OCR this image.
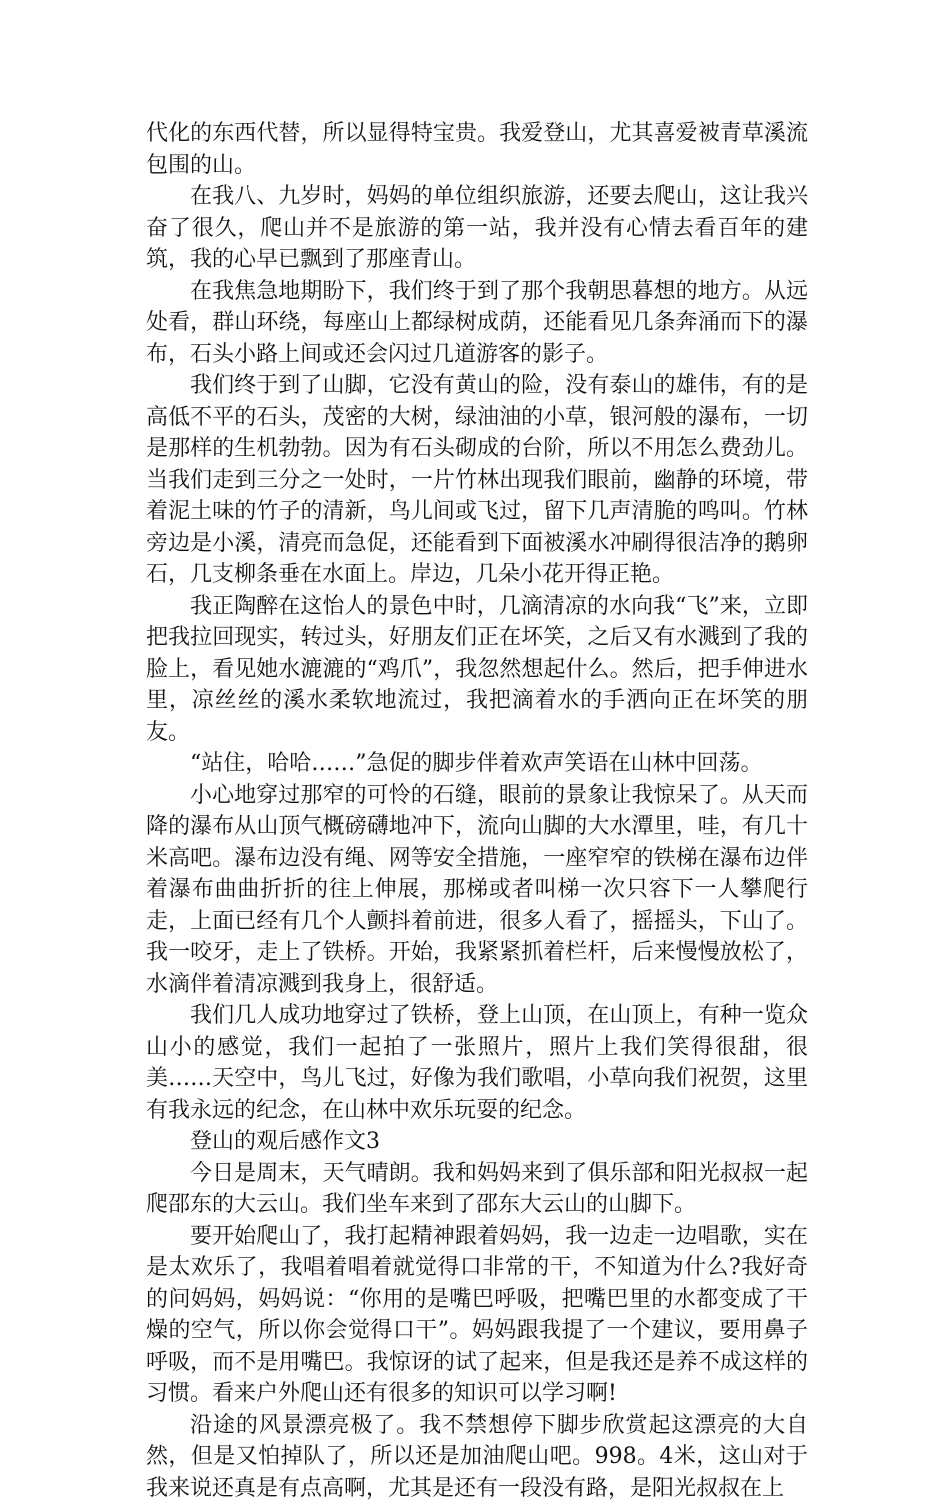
代化的东西代替，所以显得特宝贵。我爱登山，尤其喜爱被青草溪流包围的山。

在我八、九岁时，妈妈的单位组织旅游，还要去爬山，这让我兴奋了很久，爬山并不是旅游的第一站，我并没有心情去看百年的建筑，我的心早已飘到了那座青山。

在我焦急地期盼下，我们终于到了那个我朝思暮想的地方。从远处看，群山环绕，每座山上都绿树成荫，还能看见几条奔涌而下的瀑布，石头小路上间或还会闪过几道游客的影子。

我们终于到了山脚，它没有黄山的险，没有泰山的雄伟，有的是高低不平的石头，茂密的大树，绿油油的小草，银河般的瀑布，一切是那样的生机勃勃。因为有石头砌成的台阶，所以不用怎么费劲儿。当我们走到三分之一处时，一片竹林出现我们眼前，幽静的环境，带着泥土味的竹子的清新，鸟儿间或飞过，留下几声清脆的鸣叫。竹林旁边是小溪，清亮而急促，还能看到下面被溪水冲刷得很洁净的鹅卵石，几支柳条垂在水面上。岸边，几朵小花开得正艳。

我正陶醉在这怡人的景色中时，几滴清凉的水向我“飞”来，立即把我拉回现实，转过头，好朋友们正在坏笑，之后又有水溅到了我的脸上，看见她水漉漉的“鸡爪”，我忽然想起什么。然后，把手伸进水里，凉丝丝的溪水柔软地流过，我把滴着水的手洒向正在坏笑的朋友。

“站住，哈哈……”急促的脚步伴着欢声笑语在山林中回荡。

小心地穿过那窄的可怜的石缝，眼前的景象让我惊呆了。从天而降的瀑布从山顶气概磅礴地冲下，流向山脚的大水潭里，哇，有几十米高吧。瀑布边没有绳、网等安全措施，一座窄窄的铁梯在瀑布边伴着瀑布曲曲折折的往上伸展，那梯或者叫梯一次只容下一人攀爬行走，上面已经有几个人颤抖着前进，很多人看了，摇摇头，下山了。我一咬牙，走上了铁桥。开始，我紧紧抓着栏杆，后来慢慢放松了，水滴伴着清凉溅到我身上，很舒适。

我们几人成功地穿过了铁桥，登上山顶，在山顶上，有种一览众山小的感觉，我们一起拍了一张照片，照片上我们笑得很甜，很美……天空中，鸟儿飞过，好像为我们歌唱，小草向我们祝贺，这里有我永远的纪念，在山林中欢乐玩耍的纪念。

登山的观后感作文3

今日是周末，天气晴朗。我和妈妈来到了俱乐部和阳光叔叔一起爬邵东的大云山。我们坐车来到了邵东大云山的山脚下。

要开始爬山了，我打起精神跟着妈妈，我一边走一边唱歌，实在是太欢乐了，我唱着唱着就觉得口非常的干，不知道为什么?我好奇的问妈妈，妈妈说：“你用的是嘴巴呼吸，把嘴巴里的水都变成了干燥的空气，所以你会觉得口干”。妈妈跟我提了一个建议，要用鼻子呼吸，而不是用嘴巴。我惊讶的试了起来，但是我还是养不成这样的习惯。看来户外爬山还有很多的知识可以学习啊!

沿途的风景漂亮极了。我不禁想停下脚步欣赏起这漂亮的大自然，但是又怕掉队了，所以还是加油爬山吧。998。4米，这山对于我来说还真是有点高啊，尤其是还有一段没有路，是阳光叔叔在上
